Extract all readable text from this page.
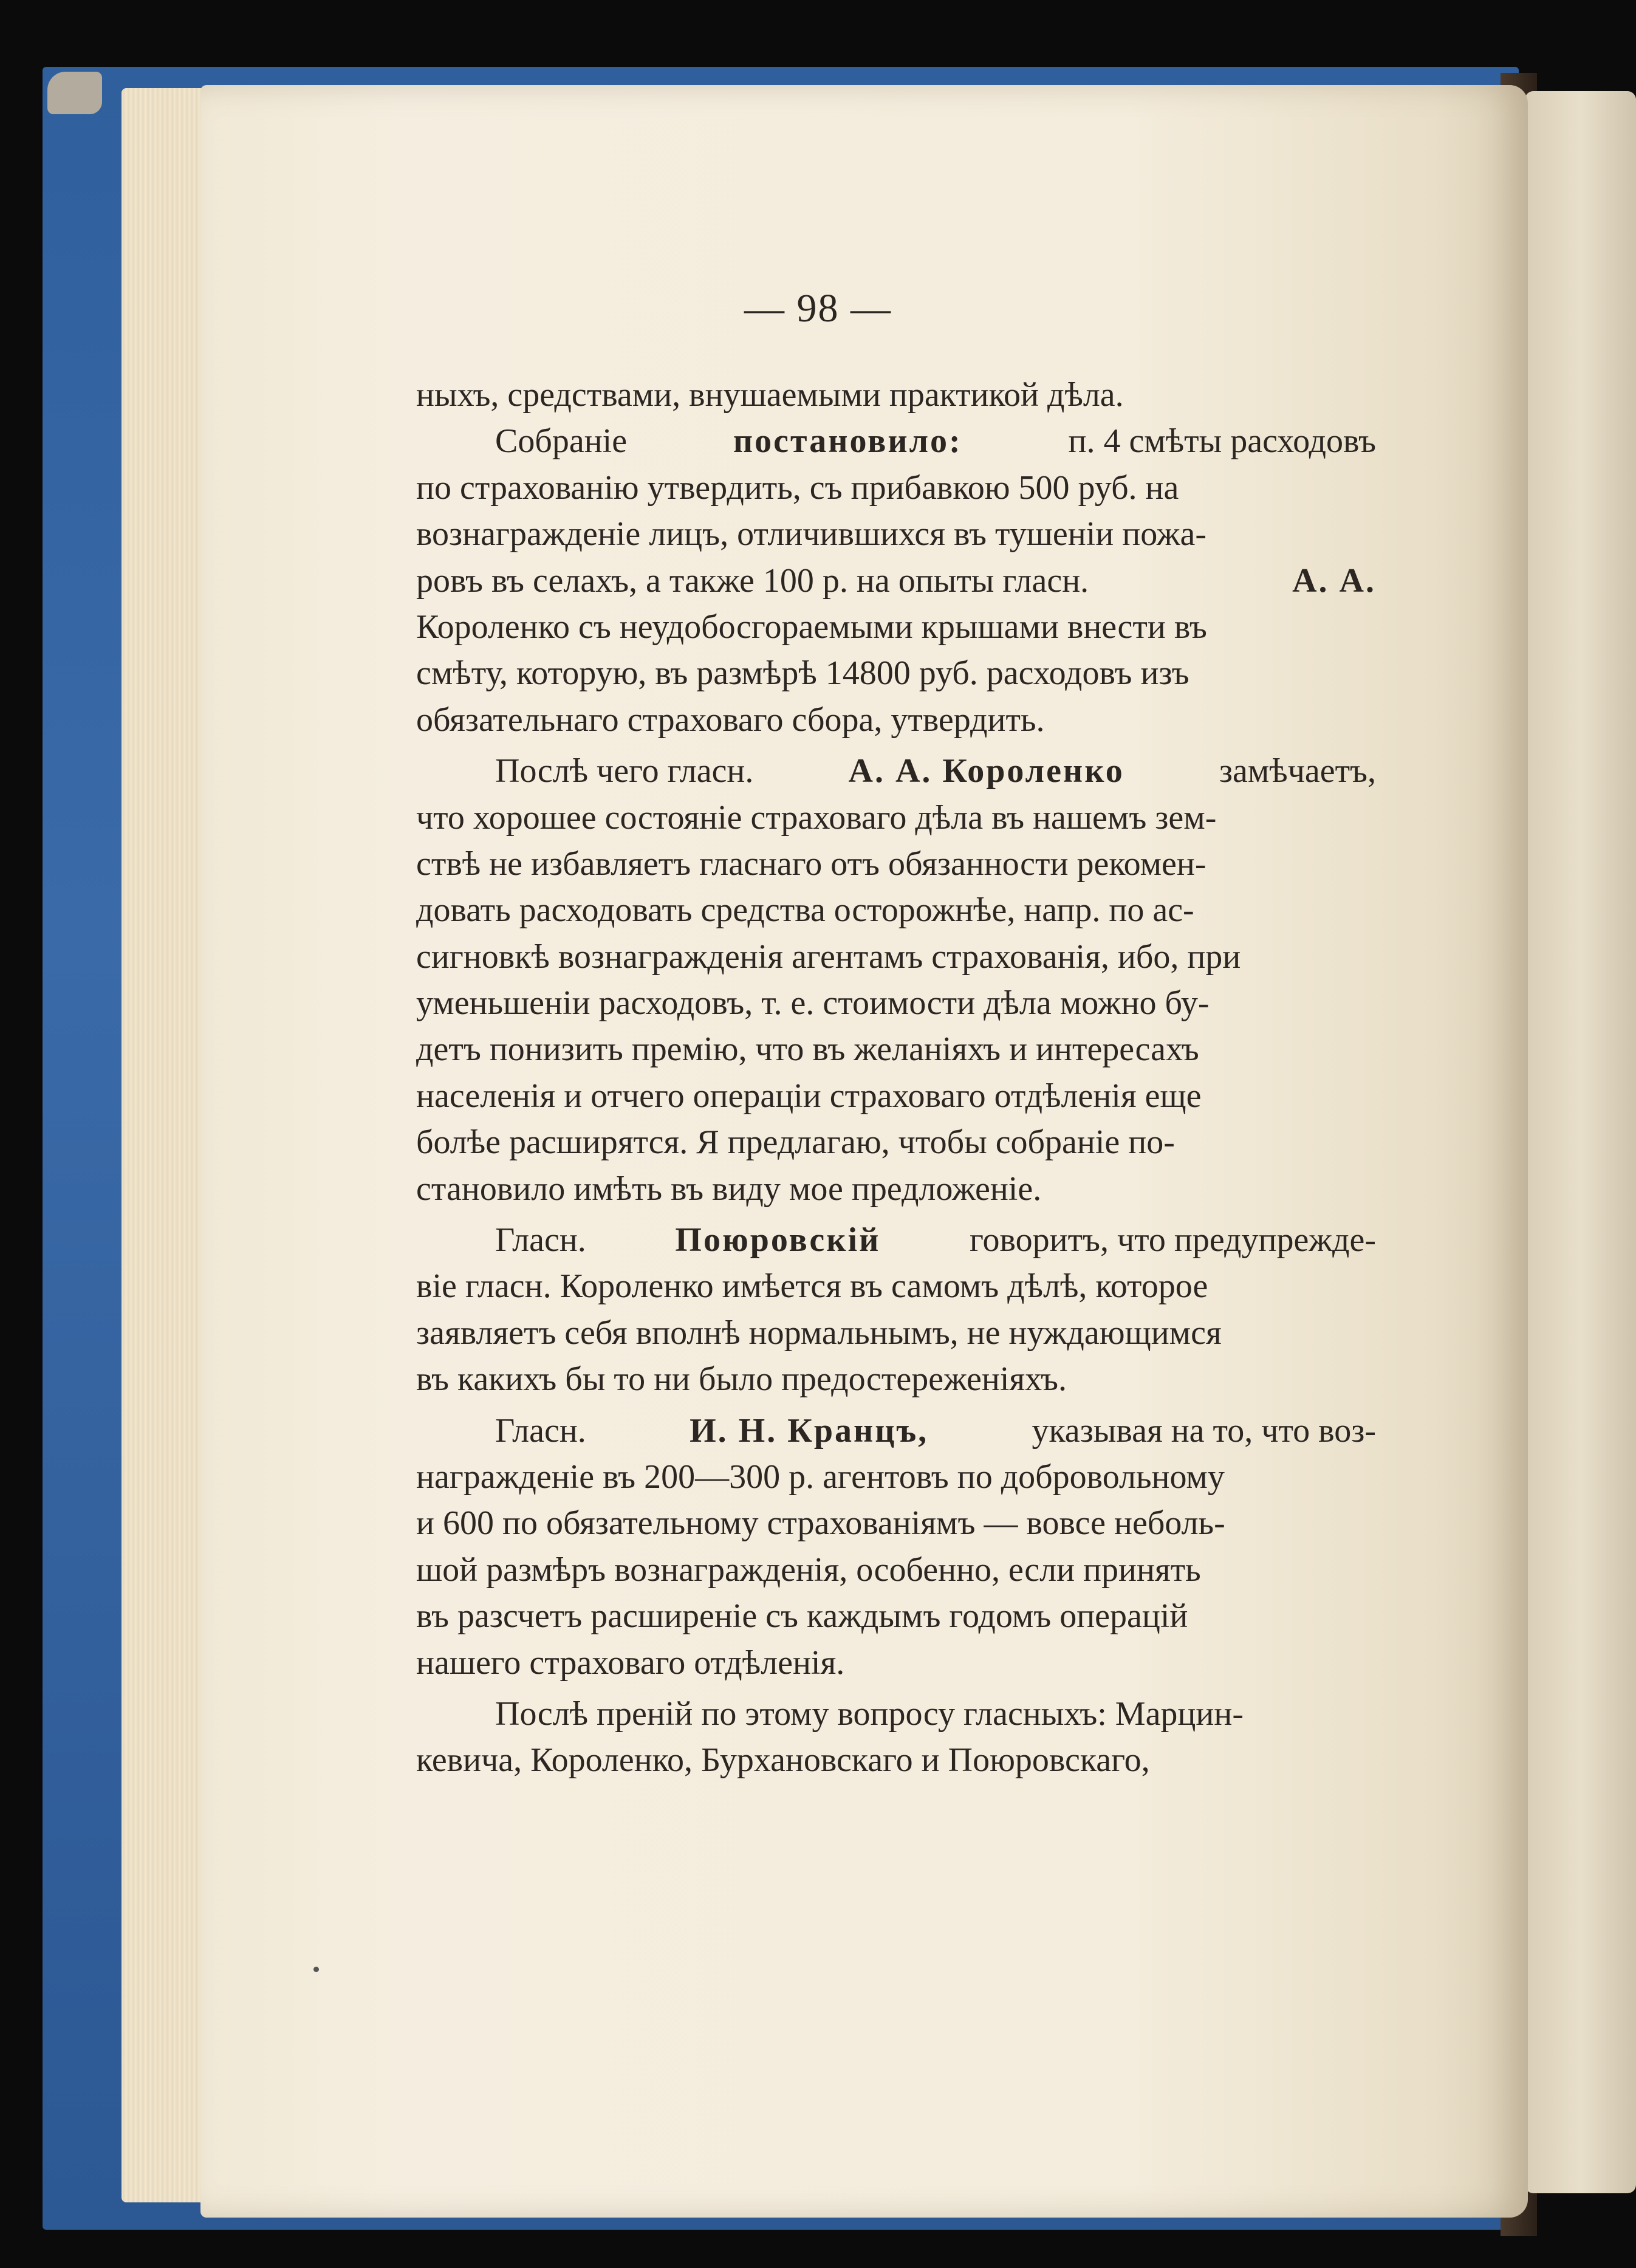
— 98 —
ныхъ, средствами, внушаемыми практикой дѣла.
Собраніе	постановило:	п. 4 смѣты расходовъ
по страхованію утвердить, съ прибавкою 500 руб. на
вознагражденіе лицъ, отличившихся въ тушеніи пожа-
ровъ въ селахъ, а также 100 р. на опыты гласн.	А. А.
Короленко съ неудобосгораемыми крышами внести въ
смѣту, которую, въ размѣрѣ 14800 руб. расходовъ изъ
обязательнаго страховаго сбора, утвердить.
Послѣ чего гласн.	А. А. Короленко	замѣчаетъ,
что хорошее состояніе страховаго дѣла въ нашемъ зем-
ствѣ не избавляетъ гласнаго отъ обязанности рекомен-
довать расходовать средства осторожнѣе, напр. по ас-
сигновкѣ вознагражденія агентамъ страхованія, ибо, при
уменьшеніи расходовъ, т. е. стоимости дѣла можно бу-
детъ понизить премію, что въ желаніяхъ и интересахъ
населенія и отчего операціи страховаго отдѣленія еще
болѣе расширятся. Я предлагаю, чтобы собраніе по-
становило имѣть въ виду мое предложеніе.
Гласн.	Поюровскій	говоритъ, что предупрежде-
віе гласн. Короленко имѣется въ самомъ дѣлѣ, которое
заявляетъ себя вполнѣ нормальнымъ, не нуждающимся
въ какихъ бы то ни было предостереженіяхъ.
Гласн.	И. Н. Кранцъ,	указывая на то, что воз-
награжденіе въ 200—300 р. агентовъ по добровольному
и 600 по обязательному страхованіямъ — вовсе неболь-
шой размѣръ вознагражденія, особенно, если принять
въ разсчетъ расширеніе съ каждымъ годомъ операцій
нашего страховаго отдѣленія.
Послѣ преній по этому вопросу гласныхъ: Марцин-
кевича, Короленко, Бурхановскаго и Поюровскаго,
